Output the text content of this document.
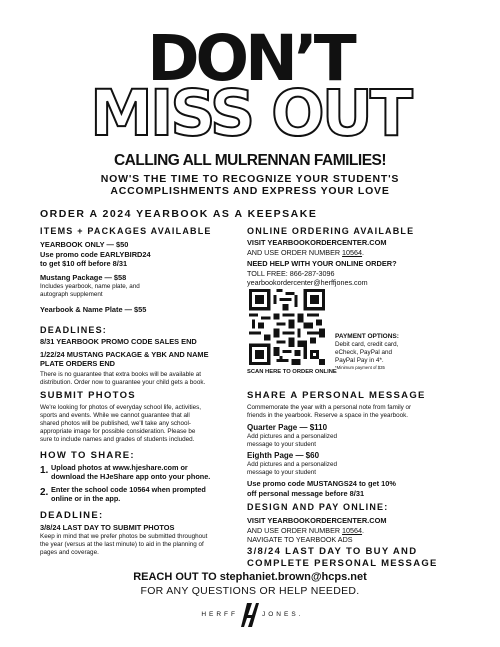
DON’T
MISS OUT
CALLING ALL MULRENNAN FAMILIES!
NOW'S THE TIME TO RECOGNIZE YOUR STUDENT'S
ACCOMPLISHMENTS AND EXPRESS YOUR LOVE
ORDER A 2024 YEARBOOK AS A KEEPSAKE
ITEMS + PACKAGES AVAILABLE
YEARBOOK ONLY — $50
Use promo code EARLYBIRD24
to get $10 off before 8/31
Mustang Package — $58
Includes yearbook, name plate, and
autograph supplement
Yearbook & Name Plate — $55
DEADLINES:
8/31 YEARBOOK PROMO CODE SALES END
1/22/24 MUSTANG PACKAGE & YBK AND NAME
PLATE ORDERS END
There is no guarantee that extra books will be available at
distribution. Order now to guarantee your child gets a book.
ONLINE ORDERING AVAILABLE
VISIT YEARBOOKORDERCENTER.COM
AND USE ORDER NUMBER 10564.
NEED HELP WITH YOUR ONLINE ORDER?
TOLL FREE: 866-287-3096
yearbookordercenter@herffjones.com
SCAN HERE TO ORDER ONLINE
PAYMENT OPTIONS:
Debit card, credit card,
eCheck, PayPal and
PayPal Pay in 4*.
*Minimum payment of $35
SUBMIT PHOTOS
We're looking for photos of everyday school life, activities,
sports and events. While we cannot guarantee that all
shared photos will be published, we'll take any school-
appropriate image for possible consideration. Please be
sure to include names and grades of students included.
HOW TO SHARE:
1. Upload photos at www.hjeshare.com or
download the HJeShare app onto your phone.
2. Enter the school code 10564 when prompted
online or in the app.
DEADLINE:
3/8/24 LAST DAY TO SUBMIT PHOTOS
Keep in mind that we prefer photos be submitted throughout
the year (versus at the last minute) to aid in the planning of
pages and coverage.
SHARE A PERSONAL MESSAGE
Commemorate the year with a personal note from family or
friends in the yearbook. Reserve a space in the yearbook.
Quarter Page — $110
Add pictures and a personalized
message to your student
Eighth Page — $60
Add pictures and a personalized
message to your student
Use promo code MUSTANGS24 to get 10%
off personal message before 8/31
DESIGN AND PAY ONLINE:
VISIT YEARBOOKORDERCENTER.COM
AND USE ORDER NUMBER 10564.
NAVIGATE TO YEARBOOK ADS
3/8/24 LAST DAY TO BUY AND
COMPLETE PERSONAL MESSAGE
REACH OUT TO stephaniet.brown@hcps.net
FOR ANY QUESTIONS OR HELP NEEDED.
HERFF	JONES.
